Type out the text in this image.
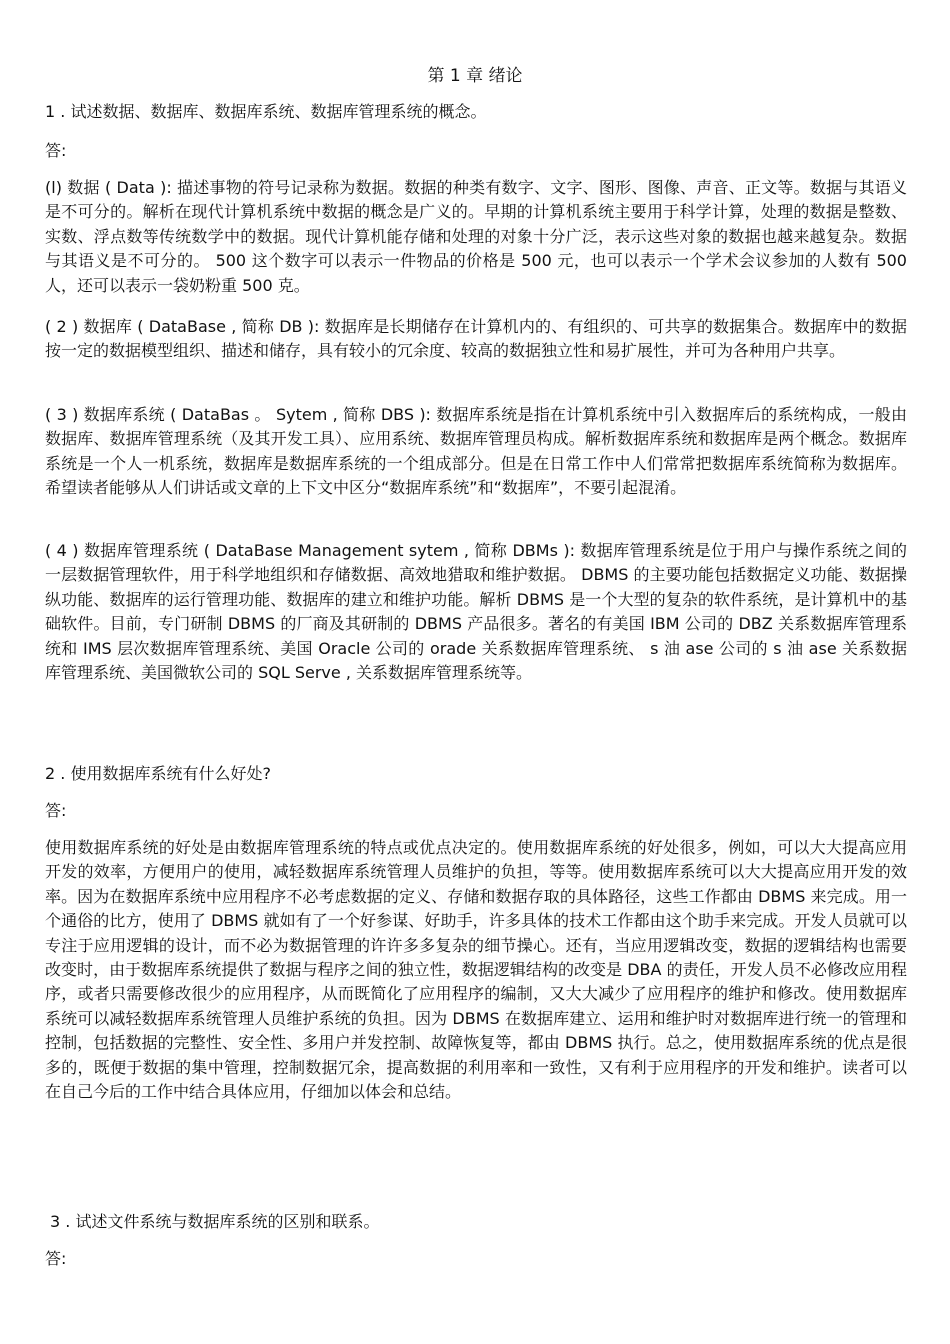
第 1 章 绪论
1 . 试述数据、数据库、数据库系统、数据库管理系统的概念。
答:
(l) 数据 ( Data ): 描述事物的符号记录称为数据。数据的种类有数字、文字、图形、图像、声音、正文等。数据与其语义是不可分的。解析在现代计算机系统中数据的概念是广义的。早期的计算机系统主要用于科学计算，处理的数据是整数、实数、浮点数等传统数学中的数据。现代计算机能存储和处理的对象十分广泛，表示这些对象的数据也越来越复杂。数据与其语义是不可分的。 500 这个数字可以表示一件物品的价格是 500 元，也可以表示一个学术会议参加的人数有 500 人，还可以表示一袋奶粉重 500 克。
( 2 ) 数据库 ( DataBase , 简称 DB ): 数据库是长期储存在计算机内的、有组织的、可共享的数据集合。数据库中的数据按一定的数据模型组织、描述和储存，具有较小的冗余度、较高的数据独立性和易扩展性，并可为各种用户共享。
( 3 ) 数据库系统 ( DataBas 。 Sytem , 简称 DBS ): 数据库系统是指在计算机系统中引入数据库后的系统构成，一般由数据库、数据库管理系统（及其开发工具）、应用系统、数据库管理员构成。解析数据库系统和数据库是两个概念。数据库系统是一个人一机系统，数据库是数据库系统的一个组成部分。但是在日常工作中人们常常把数据库系统简称为数据库。希望读者能够从人们讲话或文章的上下文中区分“数据库系统”和“数据库”，不要引起混淆。
( 4 ) 数据库管理系统 ( DataBase Management sytem , 简称 DBMs ): 数据库管理系统是位于用户与操作系统之间的一层数据管理软件，用于科学地组织和存储数据、高效地猎取和维护数据。 DBMS 的主要功能包括数据定义功能、数据操纵功能、数据库的运行管理功能、数据库的建立和维护功能。解析 DBMS 是一个大型的复杂的软件系统，是计算机中的基础软件。目前，专门研制 DBMS 的厂商及其研制的 DBMS 产品很多。著名的有美国 IBM 公司的 DBZ 关系数据库管理系统和 IMS 层次数据库管理系统、美国 Oracle 公司的 orade 关系数据库管理系统、 s 油 ase 公司的 s 油 ase 关系数据库管理系统、美国微软公司的 SQL Serve , 关系数据库管理系统等。
2 . 使用数据库系统有什么好处?
答:
使用数据库系统的好处是由数据库管理系统的特点或优点决定的。使用数据库系统的好处很多，例如，可以大大提高应用开发的效率，方便用户的使用，减轻数据库系统管理人员维护的负担，等等。使用数据库系统可以大大提高应用开发的效率。因为在数据库系统中应用程序不必考虑数据的定义、存储和数据存取的具体路径，这些工作都由 DBMS 来完成。用一个通俗的比方，使用了 DBMS 就如有了一个好参谋、好助手，许多具体的技术工作都由这个助手来完成。开发人员就可以专注于应用逻辑的设计，而不必为数据管理的许许多多复杂的细节操心。还有，当应用逻辑改变，数据的逻辑结构也需要改变时，由于数据库系统提供了数据与程序之间的独立性，数据逻辑结构的改变是 DBA 的责任，开发人员不必修改应用程序，或者只需要修改很少的应用程序，从而既简化了应用程序的编制，又大大减少了应用程序的维护和修改。使用数据库系统可以减轻数据库系统管理人员维护系统的负担。因为 DBMS 在数据库建立、运用和维护时对数据库进行统一的管理和控制，包括数据的完整性、安全性、多用户并发控制、故障恢复等，都由 DBMS 执行。总之，使用数据库系统的优点是很多的，既便于数据的集中管理，控制数据冗余，提高数据的利用率和一致性，又有利于应用程序的开发和维护。读者可以在自己今后的工作中结合具体应用，仔细加以体会和总结。
3 . 试述文件系统与数据库系统的区别和联系。
答:
